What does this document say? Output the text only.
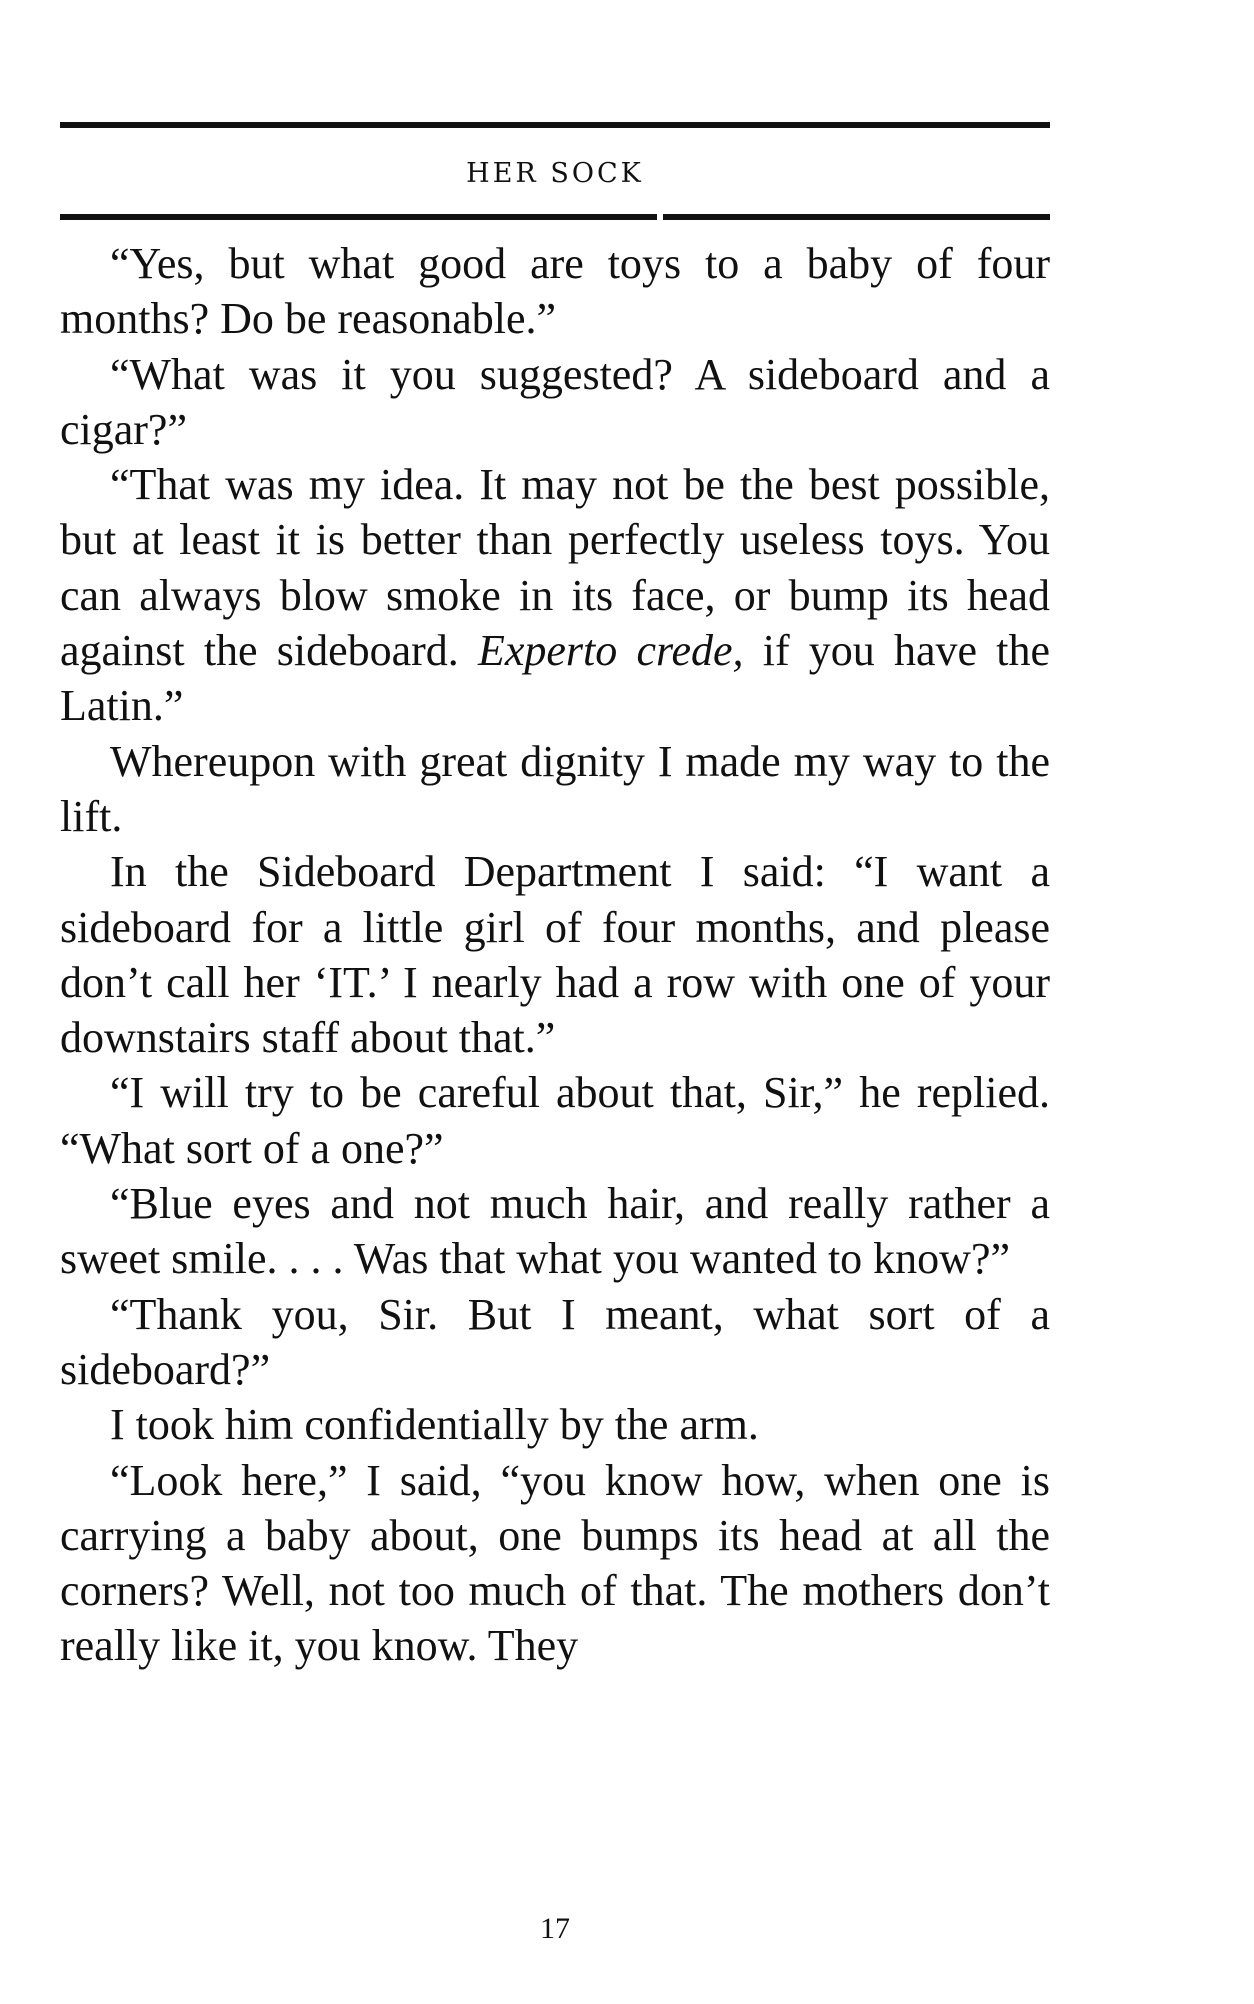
HER SOCK

“Yes, but what good are toys to a baby of four months? Do be reasonable.”

“What was it you suggested? A sideboard and a cigar?”

“That was my idea. It may not be the best possible, but at least it is better than perfectly useless toys. You can always blow smoke in its face, or bump its head against the sideboard. Experto crede, if you have the Latin.”

Whereupon with great dignity I made my way to the lift.

In the Sideboard Department I said: “I want a sideboard for a little girl of four months, and please don’t call her ‘IT.’ I nearly had a row with one of your downstairs staff about that.”

“I will try to be careful about that, Sir,” he replied. “What sort of a one?”

“Blue eyes and not much hair, and really rather a sweet smile. . . . Was that what you wanted to know?”

“Thank you, Sir. But I meant, what sort of a sideboard?”

I took him confidentially by the arm.

“Look here,” I said, “you know how, when one is carrying a baby about, one bumps its head at all the corners? Well, not too much of that. The mothers don’t really like it, you know. They

17
